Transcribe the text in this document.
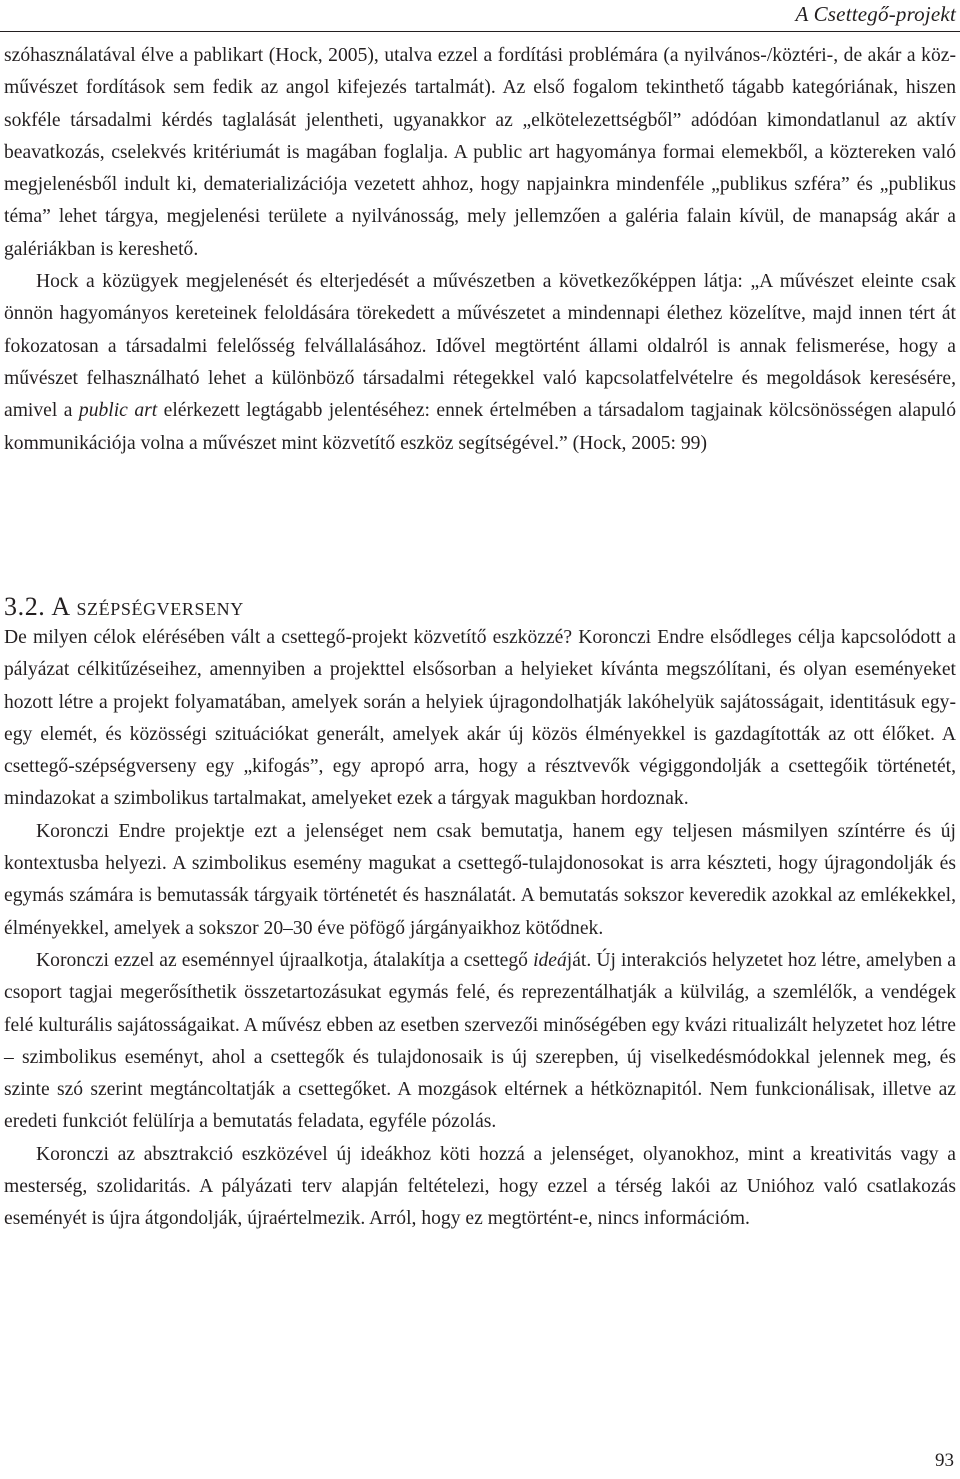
A Csettegő-projekt

szóhasználatával élve a pablikart (Hock, 2005), utalva ezzel a fordítási problémára (a nyilvános-/köztéri-, de akár a köz-művészet fordítások sem fedik az angol kifejezés tartalmát). Az első fogalom tekinthető tágabb kategóriának, hiszen sokféle társadalmi kérdés taglalását jelentheti, ugyanakkor az „elkötelezettségből” adódóan kimondatlanul az aktív beavatkozás, cselekvés kritériumát is magában foglalja. A public art hagyománya formai elemekből, a köztereken való megjelenésből indult ki, dematerializációja vezetett ahhoz, hogy napjainkra mindenféle „publikus szféra” és „publikus téma” lehet tárgya, megjelenési területe a nyilvánosság, mely jellemzően a galéria falain kívül, de manapság akár a galériákban is kereshető.

Hock a közügyek megjelenését és elterjedését a művészetben a következőképpen látja: „A művészet eleinte csak önnön hagyományos kereteinek feloldására törekedett a művészetet a mindennapi élethez közelítve, majd innen tért át fokozatosan a társadalmi felelősség felvállalásához. Idővel megtörtént állami oldalról is annak felismerése, hogy a művészet felhasználható lehet a különböző társadalmi rétegekkel való kapcsolatfelvételre és megoldások keresésére, amivel a public art elérkezett legtágabb jelentéséhez: ennek értelmében a társadalom tagjainak kölcsönösségen alapuló kommunikációja volna a művészet mint közvetítő eszköz segítségével.” (Hock, 2005: 99)

3.2. A szépségverseny

De milyen célok elérésében vált a csettegő-projekt közvetítő eszközzé? Koronczi Endre elsődleges célja kapcsolódott a pályázat célkitűzéseihez, amennyiben a projekttel elsősorban a helyieket kívánta megszólítani, és olyan eseményeket hozott létre a projekt folyamatában, amelyek során a helyiek újragondolhatják lakóhelyük sajátosságait, identitásuk egy-egy elemét, és közösségi szituációkat generált, amelyek akár új közös élményekkel is gazdagították az ott élőket. A csettegő-szépségverseny egy „kifogás”, egy apropó arra, hogy a résztvevők végiggondolják a csettegőik történetét, mindazokat a szimbolikus tartalmakat, amelyeket ezek a tárgyak magukban hordoznak.

Koronczi Endre projektje ezt a jelenséget nem csak bemutatja, hanem egy teljesen másmilyen színtérre és új kontextusba helyezi. A szimbolikus esemény magukat a csettegő-tulajdonosokat is arra készteti, hogy újragondolják és egymás számára is bemutassák tárgyaik történetét és használatát. A bemutatás sokszor keveredik azokkal az emlékekkel, élményekkel, amelyek a sokszor 20–30 éve pöfögő járgányaikhoz kötődnek.

Koronczi ezzel az eseménnyel újraalkotja, átalakítja a csettegő ideáját. Új interakciós helyzetet hoz létre, amelyben a csoport tagjai megerősíthetik összetartozásukat egymás felé, és reprezentálhatják a külvilág, a szemlélők, a vendégek felé kulturális sajátosságaikat. A művész ebben az esetben szervezői minőségében egy kvázi ritualizált helyzetet hoz létre – szimbolikus eseményt, ahol a csettegők és tulajdonosaik is új szerepben, új viselkedésmódokkal jelennek meg, és szinte szó szerint megtáncoltatják a csettegőket. A mozgások eltérnek a hétköznapitól. Nem funkcionálisak, illetve az eredeti funkciót felülírja a bemutatás feladata, egyféle pózolás.

Koronczi az absztrakció eszközével új ideákhoz köti hozzá a jelenséget, olyanokhoz, mint a kreativitás vagy a mesterség, szolidaritás. A pályázati terv alapján feltételezi, hogy ezzel a térség lakói az Unióhoz való csatlakozás eseményét is újra átgondolják, újraértelmezik. Arról, hogy ez megtörtént-e, nincs információm.

93
